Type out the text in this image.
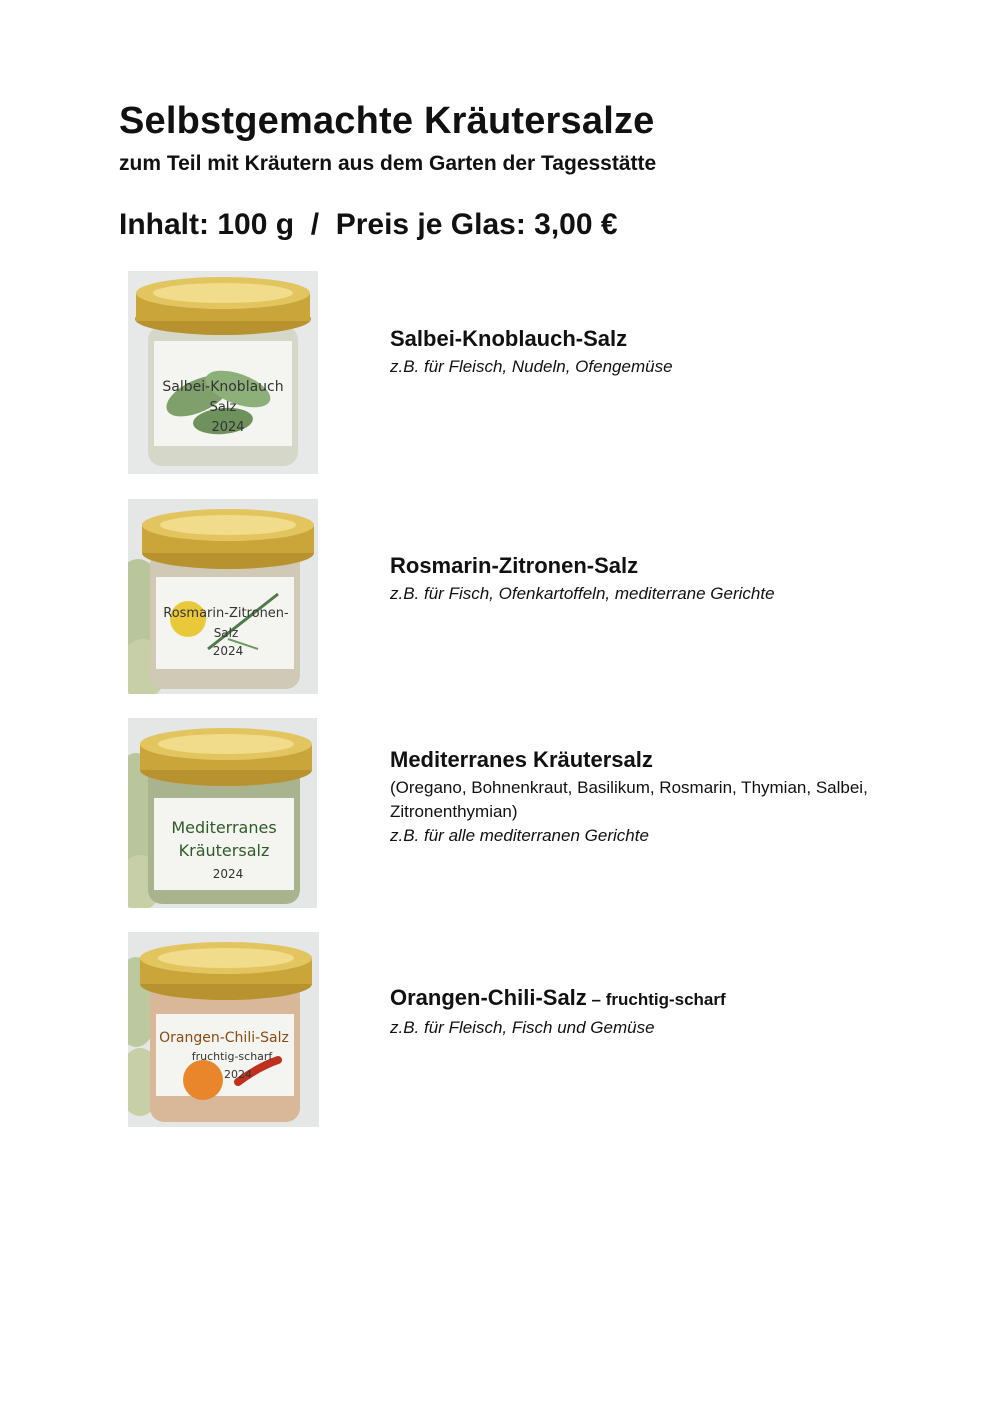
Selbstgemachte Kräutersalze
zum Teil mit Kräutern aus dem Garten der Tagesstätte
Inhalt: 100 g  /  Preis je Glas: 3,00 €
Salbei-Knoblauch
Salz
2024
Salbei-Knoblauch-Salz
z.B. für Fleisch, Nudeln, Ofengemüse
Rosmarin-Zitronen-
Salz
2024
Rosmarin-Zitronen-Salz
z.B. für Fisch, Ofenkartoffeln, mediterrane Gerichte
Mediterranes
Kräutersalz
2024
Mediterranes Kräutersalz
(Oregano, Bohnenkraut, Basilikum, Rosmarin, Thymian, Salbei, Zitronenthymian)
z.B. für alle mediterranen Gerichte
Orangen-Chili-Salz
fruchtig-scharf
2024
Orangen-Chili-Salz – fruchtig-scharf
z.B. für Fleisch, Fisch und Gemüse
